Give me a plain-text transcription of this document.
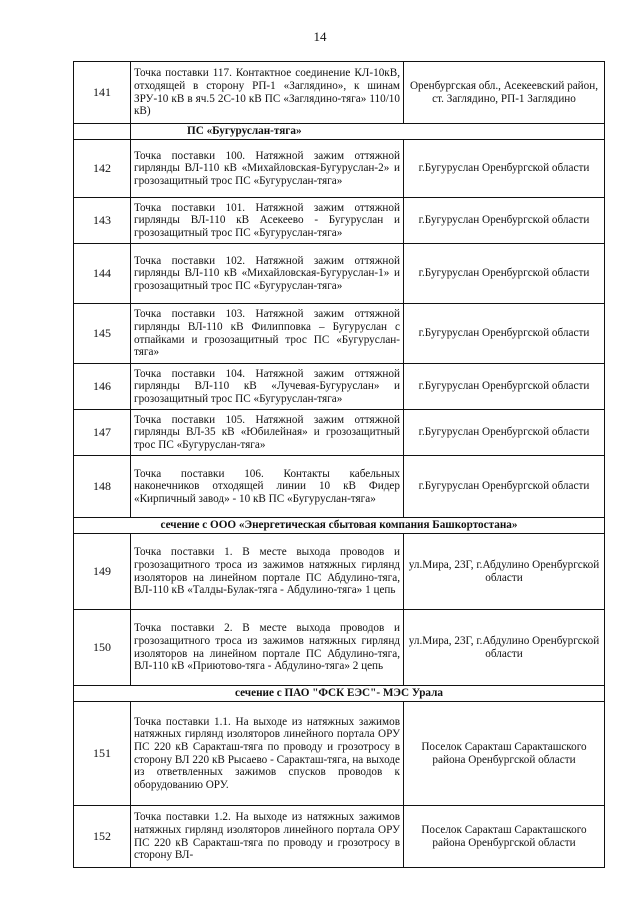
14
141	Точка поставки 117. Контактное соединение КЛ-10кВ, отходящей в сторону РП-1 «Заглядино», к шинам ЗРУ-10 кВ в яч.5 2С-10 кВ ПС «Заглядино-тяга» 110/10 кВ)	Оренбургская обл., Асекеевский район, ст. Заглядино, РП-1 Заглядино
	ПС «Бугуруслан-тяга»	
142	Точка поставки 100. Натяжной зажим оттяжной гирлянды ВЛ-110 кВ «Михайловская-Бугуруслан-2» и грозозащитный трос ПС «Бугуруслан-тяга»	г.Бугуруслан Оренбургской области
143	Точка поставки 101. Натяжной зажим оттяжной гирлянды ВЛ-110 кВ Асекеево - Бугуруслан и грозозащитный трос ПС «Бугуруслан-тяга»	г.Бугуруслан Оренбургской области
144	Точка поставки 102. Натяжной зажим оттяжной гирлянды ВЛ-110 кВ «Михайловская-Бугуруслан-1» и грозозащитный трос ПС «Бугуруслан-тяга»	г.Бугуруслан Оренбургской области
145	Точка поставки 103. Натяжной зажим оттяжной гирлянды ВЛ-110 кВ Филипповка – Бугуруслан с отпайками и грозозащитный трос ПС «Бугуруслан-тяга»	г.Бугуруслан Оренбургской области
146	Точка поставки 104. Натяжной зажим оттяжной гирлянды ВЛ-110 кВ «Лучевая-Бугуруслан» и грозозащитный трос ПС «Бугуруслан-тяга»	г.Бугуруслан Оренбургской области
147	Точка поставки 105. Натяжной зажим оттяжной гирлянды ВЛ-35 кВ «Юбилейная» и грозозащитный трос ПС «Бугуруслан-тяга»	г.Бугуруслан Оренбургской области
148	Точка поставки 106. Контакты кабельных наконечников отходящей линии 10 кВ Фидер «Кирпичный завод» - 10 кВ ПС «Бугуруслан-тяга»	г.Бугуруслан Оренбургской области
сечение с ООО «Энергетическая сбытовая компания Башкортостана»		
149	Точка поставки 1. В месте выхода проводов и грозозащитного троса из зажимов натяжных гирлянд изоляторов на линейном портале ПС Абдулино-тяга, ВЛ-110 кВ «Талды-Булак-тяга - Абдулино-тяга» 1 цепь	ул.Мира, 23Г, г.Абдулино Оренбургской области
150	Точка поставки 2. В месте выхода проводов и грозозащитного троса из зажимов натяжных гирлянд изоляторов на линейном портале ПС Абдулино-тяга, ВЛ-110 кВ «Приютово-тяга - Абдулино-тяга» 2 цепь	ул.Мира, 23Г, г.Абдулино Оренбургской области
сечение с ПАО "ФСК ЕЭС"- МЭС Урала		
151	Точка поставки 1.1. На выходе из натяжных зажимов натяжных гирлянд изоляторов линейного портала ОРУ ПС 220 кВ Саракташ-тяга по проводу и грозотросу в сторону ВЛ 220 кВ Рысаево - Саракташ-тяга, на выходе из ответвленных зажимов спусков проводов к оборудованию ОРУ.	Поселок Саракташ Саракташского района Оренбургской области
152	Точка поставки 1.2. На выходе из натяжных зажимов натяжных гирлянд изоляторов линейного портала ОРУ ПС 220 кВ Саракташ-тяга по проводу и грозотросу в сторону ВЛ-	Поселок Саракташ Саракташского района Оренбургской области
